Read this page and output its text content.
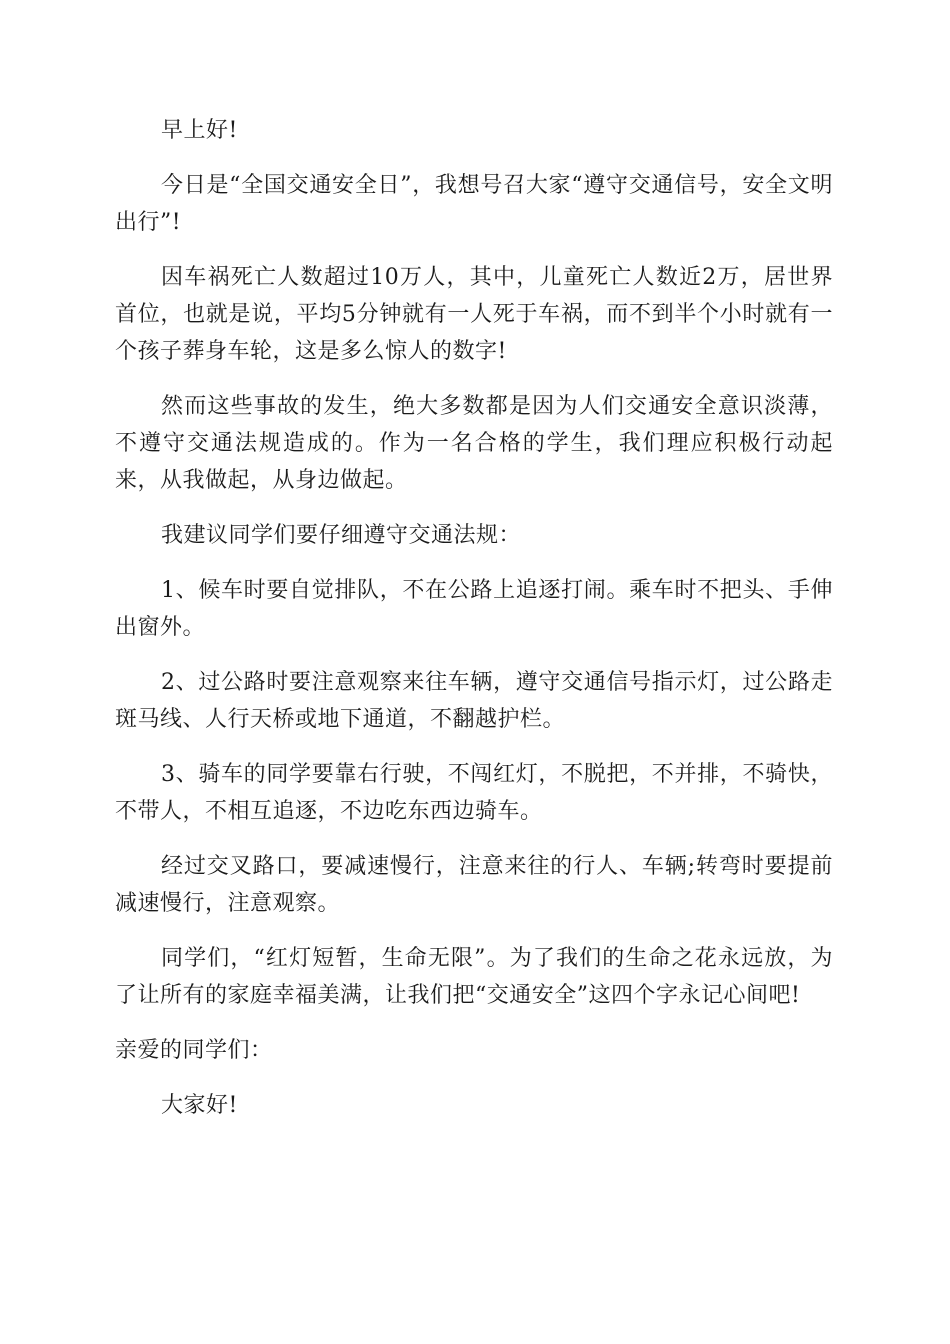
早上好!

今日是“全国交通安全日”，我想号召大家“遵守交通信号，安全文明出行”!

因车祸死亡人数超过10万人，其中，儿童死亡人数近2万，居世界首位，也就是说，平均5分钟就有一人死于车祸，而不到半个小时就有一个孩子葬身车轮，这是多么惊人的数字!

然而这些事故的发生，绝大多数都是因为人们交通安全意识淡薄，不遵守交通法规造成的。作为一名合格的学生，我们理应积极行动起来，从我做起，从身边做起。

我建议同学们要仔细遵守交通法规：

1、候车时要自觉排队，不在公路上追逐打闹。乘车时不把头、手伸出窗外。

2、过公路时要注意观察来往车辆，遵守交通信号指示灯，过公路走斑马线、人行天桥或地下通道，不翻越护栏。

3、骑车的同学要靠右行驶，不闯红灯，不脱把，不并排，不骑快，不带人，不相互追逐，不边吃东西边骑车。

经过交叉路口，要减速慢行，注意来往的行人、车辆;转弯时要提前减速慢行，注意观察。

同学们，“红灯短暂，生命无限”。为了我们的生命之花永远放，为了让所有的家庭幸福美满，让我们把“交通安全”这四个字永记心间吧!

亲爱的同学们：

大家好!
